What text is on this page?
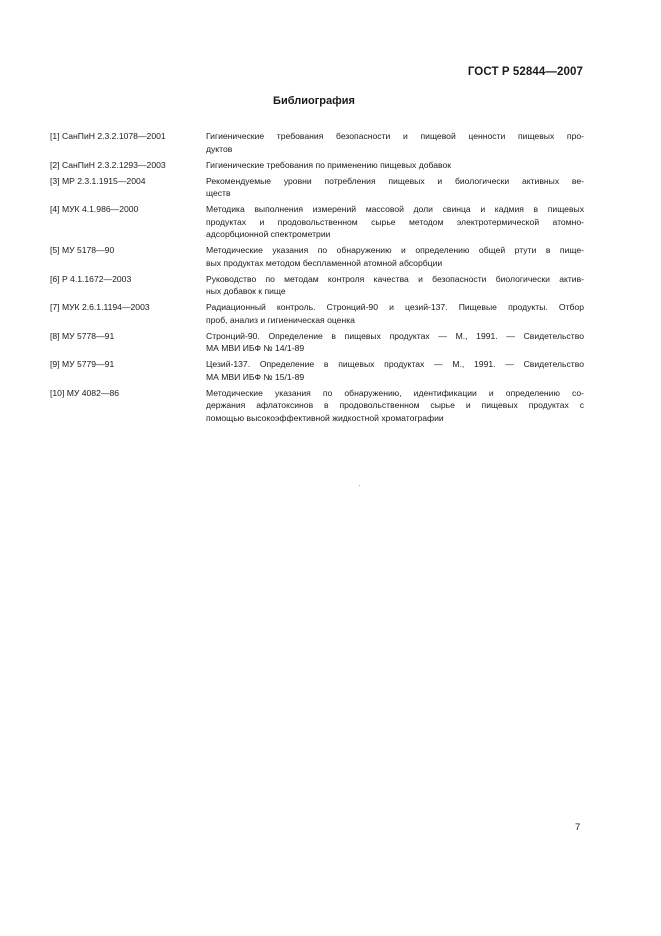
ГОСТ Р 52844—2007
Библиография
[1] СанПиН 2.3.2.1078—2001	Гигиенические требования безопасности и пищевой ценности пищевых про-
дуктов
[2] СанПиН 2.3.2.1293—2003	Гигиенические требования по применению пищевых добавок
[3] МР 2.3.1.1915—2004	Рекомендуемые уровни потребления пищевых и биологически активных ве-
ществ
[4] МУК 4.1.986—2000	Методика выполнения измерений массовой доли свинца и кадмия в пищевых
продуктах и продовольственном сырье методом электротермической атомно-
адсорбционной спектрометрии
[5] МУ 5178—90	Методические указания по обнаружению и определению общей ртути в пище-
вых продуктах методом беспламенной атомной абсорбции
[6] Р 4.1.1672—2003	Руководство по методам контроля качества и безопасности биологически актив-
ных добавок к пище
[7] МУК 2.6.1.1194—2003	Радиационный контроль. Стронций-90 и цезий-137. Пищевые продукты. Отбор
проб, анализ и гигиеническая оценка
[8] МУ 5778—91	Стронций-90. Определение в пищевых продуктах — М., 1991. — Свидетельство
МА МВИ ИБФ № 14/1-89
[9] МУ 5779—91	Цезий-137. Определение в пищевых продуктах — М., 1991. — Свидетельство
МА МВИ ИБФ № 15/1-89
[10] МУ 4082—86	Методические указания по обнаружению, идентификации и определению со-
держания афлатоксинов в продовольственном сырье и пищевых продуктах с
помощью высокоэффективной жидкостной хроматографии
7
